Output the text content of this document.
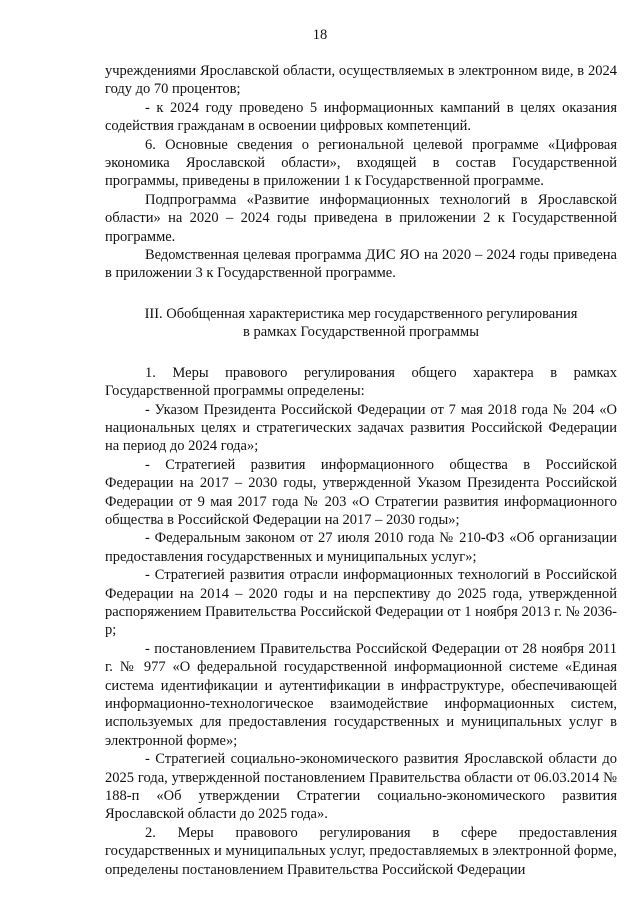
18

учреждениями Ярославской области, осуществляемых в электронном виде, в 2024 году до 70 процентов;

- к 2024 году проведено 5 информационных кампаний в целях оказания содействия гражданам в освоении цифровых компетенций.

6. Основные сведения о региональной целевой программе «Цифровая экономика Ярославской области», входящей в состав Государственной программы, приведены в приложении 1 к Государственной программе.

Подпрограмма «Развитие информационных технологий в Ярославской области» на 2020 – 2024 годы приведена в приложении 2 к Государственной программе.

Ведомственная целевая программа ДИС ЯО на 2020 – 2024 годы приведена в приложении 3 к Государственной программе.

III. Обобщенная характеристика мер государственного регулирования
в рамках Государственной программы

1. Меры правового регулирования общего характера в рамках Государственной программы определены:

- Указом Президента Российской Федерации от 7 мая 2018 года № 204 «О национальных целях и стратегических задачах развития Российской Федерации на период до 2024 года»;

- Стратегией развития информационного общества в Российской Федерации на 2017 – 2030 годы, утвержденной Указом Президента Российской Федерации от 9 мая 2017 года № 203 «О Стратегии развития информационного общества в Российской Федерации на 2017 – 2030 годы»;

- Федеральным законом от 27 июля 2010 года № 210-ФЗ «Об организации предоставления государственных и муниципальных услуг»;

- Стратегией развития отрасли информационных технологий в Российской Федерации на 2014 – 2020 годы и на перспективу до 2025 года, утвержденной распоряжением Правительства Российской Федерации от 1 ноября 2013 г. № 2036-р;

- постановлением Правительства Российской Федерации от 28 ноября 2011 г. № 977 «О федеральной государственной информационной системе «Единая система идентификации и аутентификации в инфраструктуре, обеспечивающей информационно-технологическое взаимодействие информационных систем, используемых для предоставления государственных и муниципальных услуг в электронной форме»;

- Стратегией социально-экономического развития Ярославской области до 2025 года, утвержденной постановлением Правительства области от 06.03.2014 № 188-п «Об утверждении Стратегии социально-экономического развития Ярославской области до 2025 года».

2. Меры правового регулирования в сфере предоставления государственных и муниципальных услуг, предоставляемых в электронной форме, определены постановлением Правительства Российской Федерации
